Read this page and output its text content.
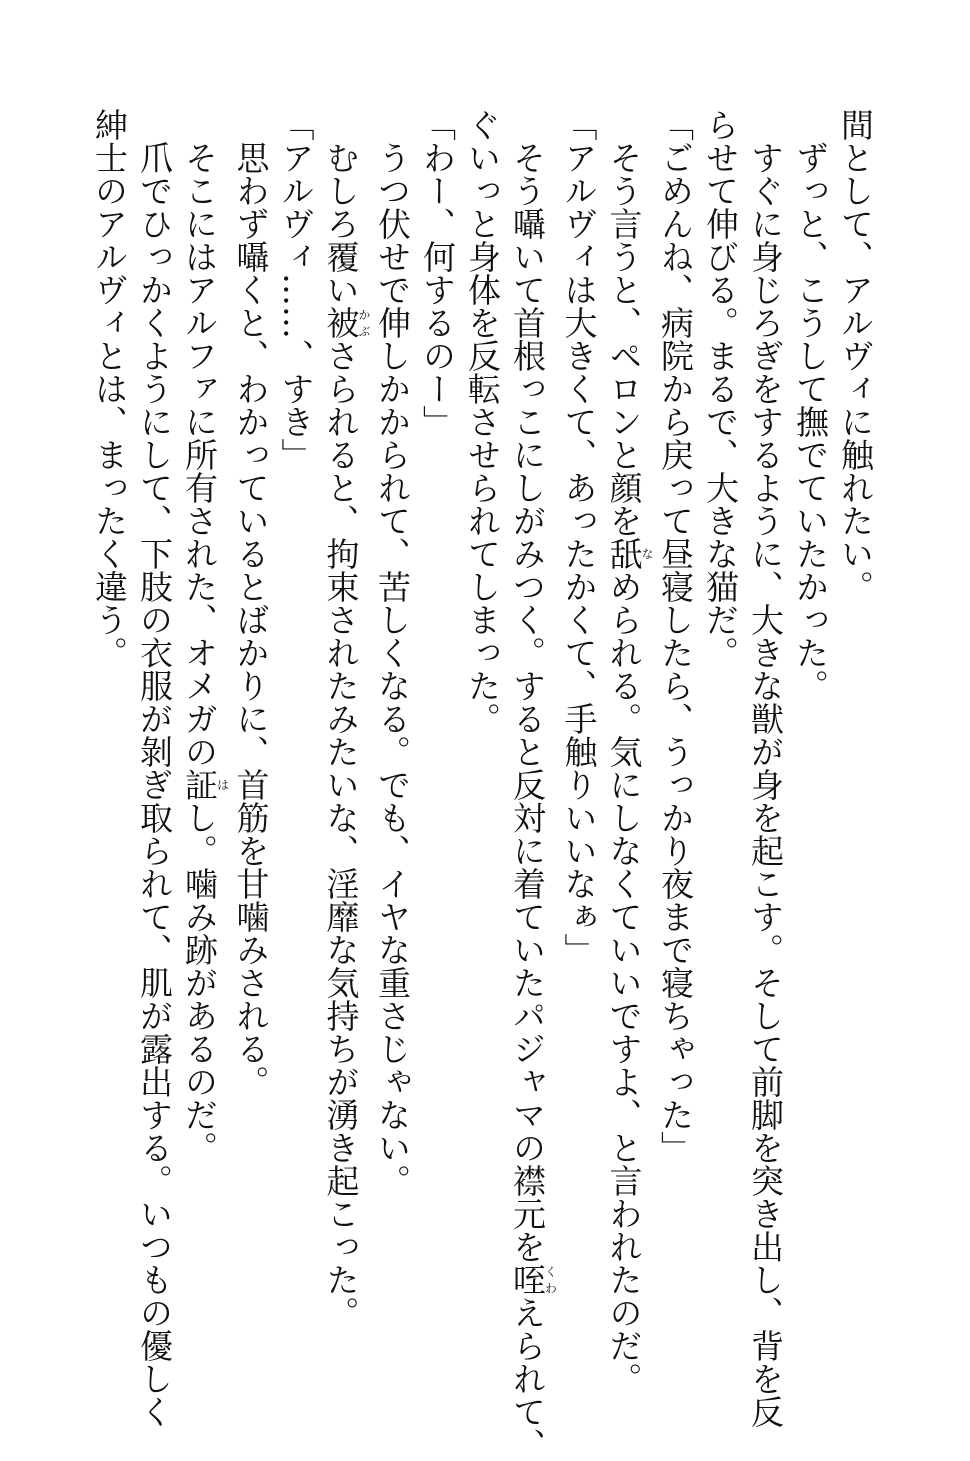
間として、アルヴィに触れたい。
　ずっと、こうして撫でていたかった。
　すぐに身じろぎをするように、大きな獣が身を起こす。そして前脚を突き出し、背を反
らせて伸びる。まるで、大きな猫だ。
「ごめんね、病院から戻って昼寝したら、うっかり夜まで寝ちゃった」
　そう言うと、ペロンと顔を舐なめられる。気にしなくていいですよ、と言われたのだ。
「アルヴィは大きくて、あったかくて、手触りいいなぁ」
　そう囁いて首根っこにしがみつく。すると反対に着ていたパジャマの襟元を咥くわえられて、
ぐいっと身体を反転させられてしまった。
「わー、何するのー」
　うつ伏せで伸しかかられて、苦しくなる。でも、イヤな重さじゃない。
　むしろ覆い被かぶさられると、拘束されたみたいな、淫靡な気持ちが湧き起こった。
「アルヴィ……、すき」
　思わず囁くと、わかっているとばかりに、首筋を甘噛みされる。
　そこにはアルファに所有された、オメガの証はし。噛み跡があるのだ。
　爪でひっかくようにして、下肢の衣服が剝ぎ取られて、肌が露出する。いつもの優しく
紳士のアルヴィとは、まったく違う。
